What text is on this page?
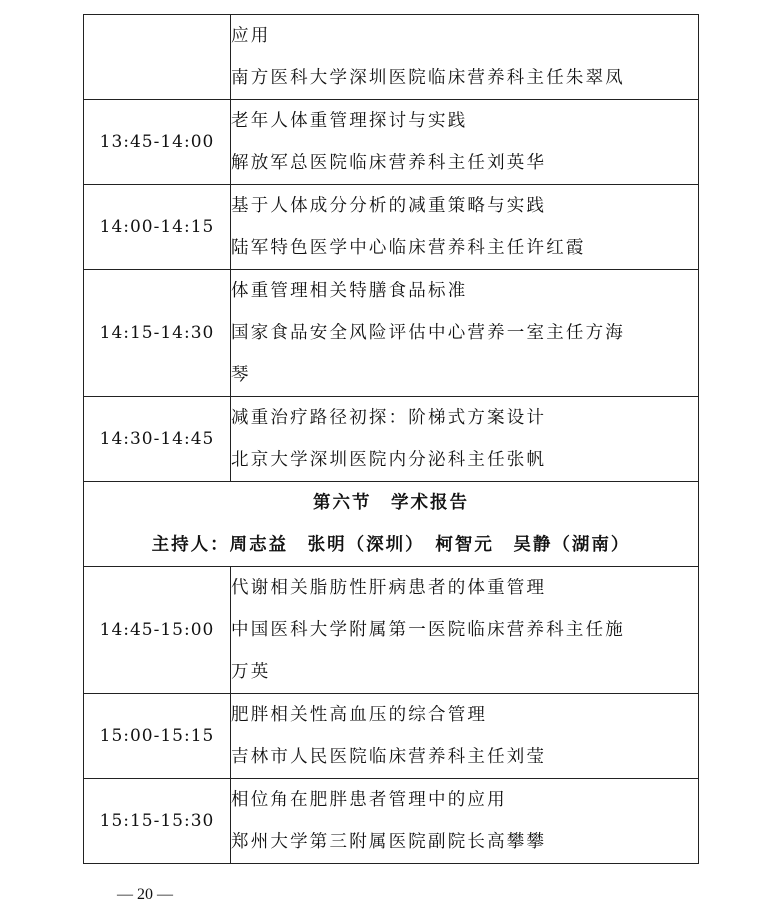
	应用
南方医科大学深圳医院临床营养科主任朱翠凤

13:45-14:00	老年人体重管理探讨与实践
解放军总医院临床营养科主任刘英华

14:00-14:15	基于人体成分分析的减重策略与实践
陆军特色医学中心临床营养科主任许红霞

14:15-14:30	体重管理相关特膳食品标准
国家食品安全风险评估中心营养一室主任方海
琴

14:30-14:45	减重治疗路径初探：阶梯式方案设计
北京大学深圳医院内分泌科主任张帆

第六节　学术报告
主持人：周志益　张明（深圳）　柯智元　吴静（湖南）	

14:45-15:00	代谢相关脂肪性肝病患者的体重管理
中国医科大学附属第一医院临床营养科主任施
万英

15:00-15:15	肥胖相关性高血压的综合管理
吉林市人民医院临床营养科主任刘莹

15:15-15:30	相位角在肥胖患者管理中的应用
郑州大学第三附属医院副院长高攀攀
— 20 —
